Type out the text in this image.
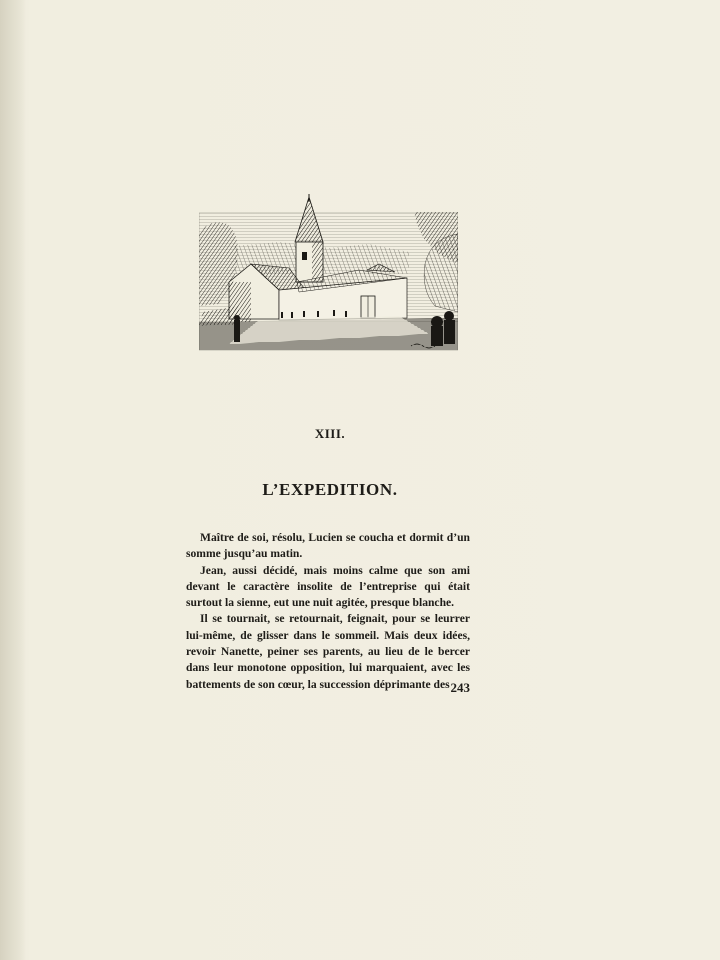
XIII.
L’EXPEDITION.

Maître de soi, résolu, Lucien se coucha et dormit d’un somme jusqu’au matin.

Jean, aussi décidé, mais moins calme que son ami devant le caractère insolite de l’entreprise qui était surtout la sienne, eut une nuit agitée, presque blanche.

Il se tournait, se retournait, feignait, pour se leurrer lui-même, de glisser dans le sommeil. Mais deux idées, revoir Nanette, peiner ses parents, au lieu de le bercer dans leur monotone opposition, lui marquaient, avec les battements de son cœur, la succession déprimante des 243
